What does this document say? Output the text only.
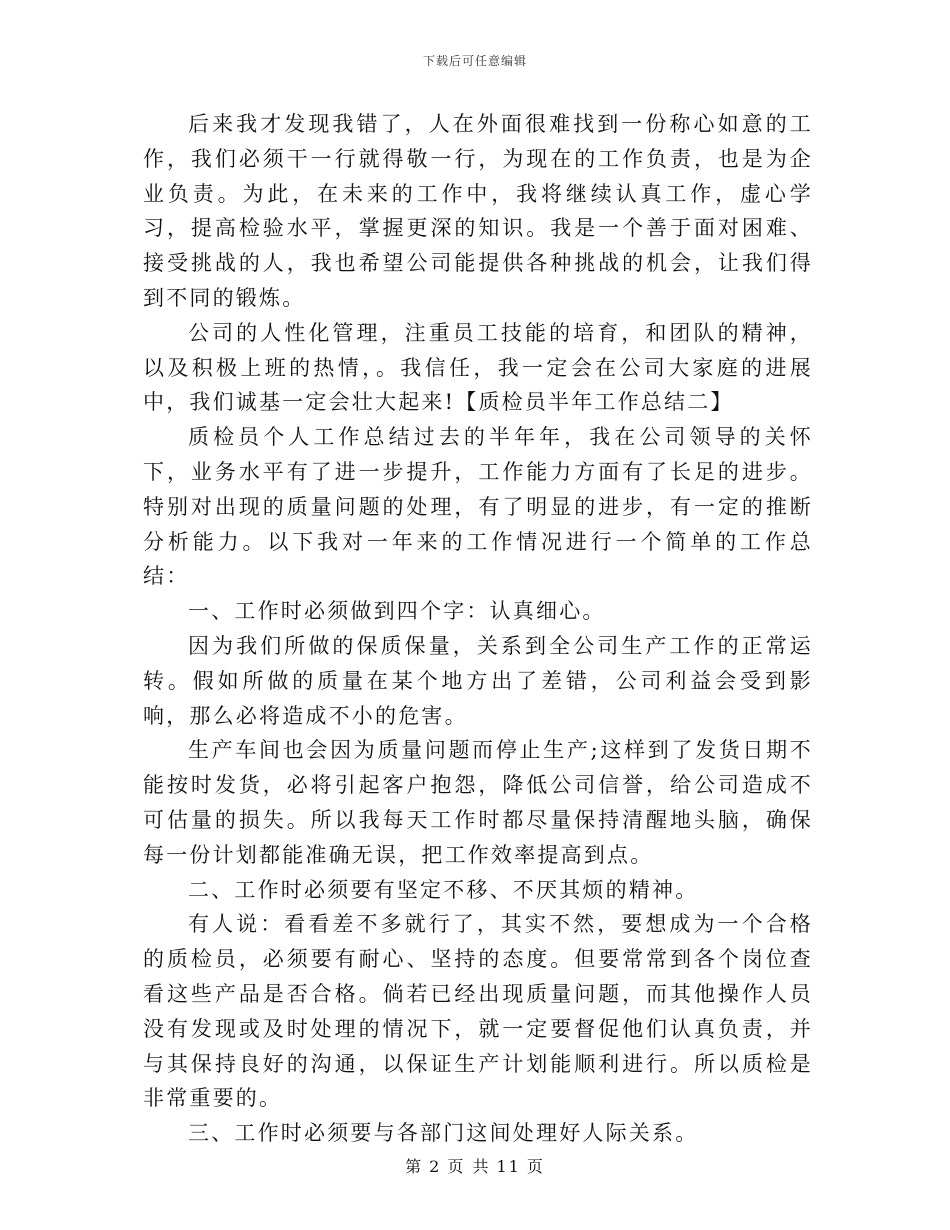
下载后可任意编辑

后来我才发现我错了，人在外面很难找到一份称心如意的工作，我们必须干一行就得敬一行，为现在的工作负责，也是为企业负责。为此，在未来的工作中，我将继续认真工作，虚心学习，提高检验水平，掌握更深的知识。我是一个善于面对困难、接受挑战的人，我也希望公司能提供各种挑战的机会，让我们得到不同的锻炼。

公司的人性化管理，注重员工技能的培育，和团队的精神，以及积极上班的热情，。我信任，我一定会在公司大家庭的进展中，我们诚基一定会壮大起来!【质检员半年工作总结二】

质检员个人工作总结过去的半年年，我在公司领导的关怀下，业务水平有了进一步提升，工作能力方面有了长足的进步。特别对出现的质量问题的处理，有了明显的进步，有一定的推断分析能力。以下我对一年来的工作情况进行一个简单的工作总结：

一、工作时必须做到四个字：认真细心。

因为我们所做的保质保量，关系到全公司生产工作的正常运转。假如所做的质量在某个地方出了差错，公司利益会受到影响，那么必将造成不小的危害。

生产车间也会因为质量问题而停止生产;这样到了发货日期不能按时发货，必将引起客户抱怨，降低公司信誉，给公司造成不可估量的损失。所以我每天工作时都尽量保持清醒地头脑，确保每一份计划都能准确无误，把工作效率提高到点。

二、工作时必须要有坚定不移、不厌其烦的精神。

有人说：看看差不多就行了，其实不然，要想成为一个合格的质检员，必须要有耐心、坚持的态度。但要常常到各个岗位查看这些产品是否合格。倘若已经出现质量问题，而其他操作人员没有发现或及时处理的情况下，就一定要督促他们认真负责，并与其保持良好的沟通，以保证生产计划能顺利进行。所以质检是非常重要的。

三、工作时必须要与各部门这间处理好人际关系。

第 2 页 共 11 页
